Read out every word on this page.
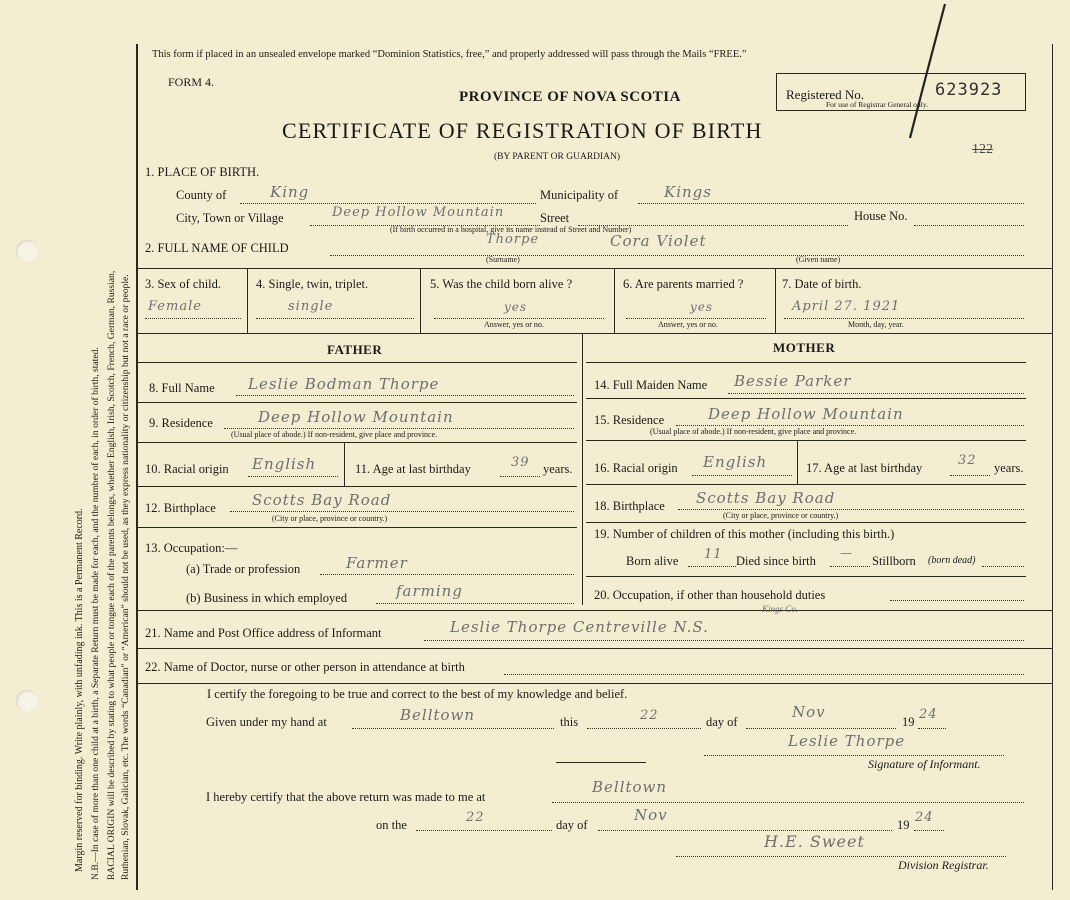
Margin reserved for binding. Write plainly, with unfading ink. This is a Permanent Record. N.B.—In case of more than one child at a birth, a Separate Return must be made for each, and the number of each, in order of birth, stated. RACIAL ORIGIN will be described by stating to what people or tongue each of the parents belongs, whether English, Irish, Scotch, French, German, Russian, Ruthenian, Slovak, Galician, etc. The words “Canadian” or “American” should not be used, as they express nationality or citizenship but not a race or people.
This form if placed in an unsealed envelope marked “Dominion Statistics, free,” and properly addressed will pass through the Mails “FREE.”
FORM 4.
PROVINCE OF NOVA SCOTIA
CERTIFICATE OF REGISTRATION OF BIRTH
(BY PARENT OR GUARDIAN)
Registered No.
For use of Registrar General only.
623923
122
1. PLACE OF BIRTH.
County of	King	Municipality of	Kings
City, Town or Village	Deep Hollow Mountain	Street	House No.
(If birth occurred in a hospital, give its name instead of Street and Number)
2. FULL NAME OF CHILD
Thorpe	Cora Violet
(Surname)	(Given name)
3. Sex of child.
Female
4. Single, twin, triplet.
single
5. Was the child born alive ?
yes
Answer, yes or no.
6. Are parents married ?
yes
Answer, yes or no.
7. Date of birth.
April 27. 1921
Month, day, year.
FATHER	MOTHER
8. Full Name Leslie Bodman Thorpe
9. Residence	Deep Hollow Mountain
(Usual place of abode.) If non-resident, give place and province.
10. Racial origin English	11. Age at last birthday	39 years.
12. Birthplace Scotts Bay Road
(City or place, province or country.)
13. Occupation:—
(a) Trade or profession	Farmer
(b) Business in which employed	farming
14. Full Maiden Name Bessie Parker
15. Residence	Deep Hollow Mountain
(Usual place of abode.) If non-resident, give place and province.
16. Racial origin English	17. Age at last birthday	32 years.
18. Birthplace Scotts Bay Road
(City or place, province or country.)
19. Number of children of this mother (including this birth.)
Born alive 11 Died since birth
—
Stillborn (born dead)
20. Occupation, if other than household duties
21. Name and Post Office address of Informant	Leslie Thorpe Centreville N.S.
Kings Co.
22. Name of Doctor, nurse or other person in attendance at birth
I certify the foregoing to be true and correct to the best of my knowledge and belief.
Given under my hand at	Belltown	this	22	day of
Nov
19 24
Leslie Thorpe
Signature of Informant.
I hereby certify that the above return was made to me at
Belltown
on the	22	day of
Nov
19 24
H.E. Sweet
Division Registrar.
